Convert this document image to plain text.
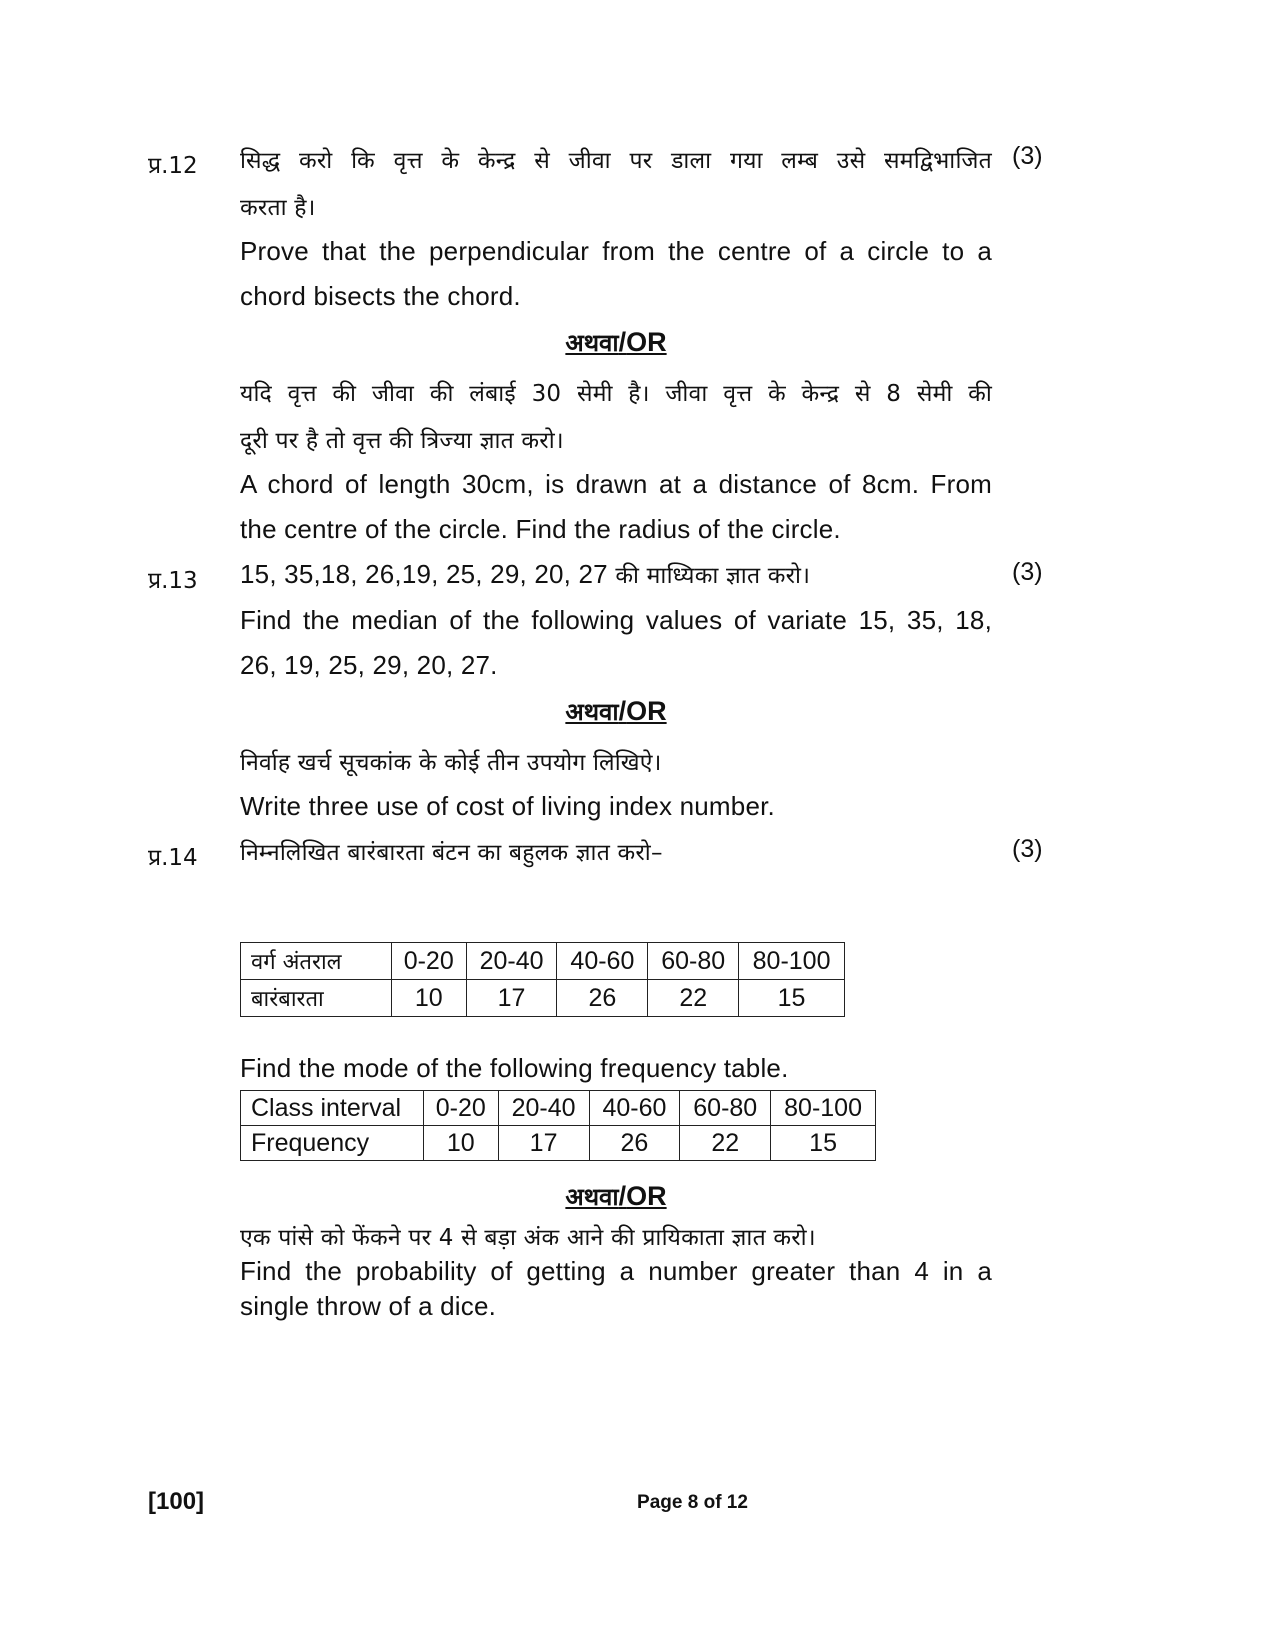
प्र.12 सिद्ध करो कि वृत्त के केन्द्र से जीवा पर डाला गया लम्ब उसे समद्विभाजित (3)
करता है।
Prove that the perpendicular from the centre of a circle to a
chord bisects the chord.
अथवा/OR
यदि वृत्त की जीवा की लंबाई 30 सेमी है। जीवा वृत्त के केन्द्र से 8 सेमी की
दूरी पर है तो वृत्त की त्रिज्या ज्ञात करो।
A chord of length 30cm, is drawn at a distance of 8cm. From
the centre of the circle. Find the radius of the circle.
प्र.13 15, 35,18, 26,19, 25, 29, 20, 27 की माध्यिका ज्ञात करो।	(3)
Find the median of the following values of variate 15, 35, 18,
26, 19, 25, 29, 20, 27.
अथवा/OR
निर्वाह खर्च सूचकांक के कोई तीन उपयोग लिखिऐ।
Write three use of cost of living index number.
प्र.14 निम्नलिखित बारंबारता बंटन का बहुलक ज्ञात करो–	(3)
वर्ग अंतराल	0-20	20-40	40-60	60-80	80-100
बारंबारता	10	17	26	22	15
Find the mode of the following frequency table.
Class interval	0-20	20-40	40-60	60-80	80-100
Frequency	10	17	26	22	15
अथवा/OR
एक पांसे को फेंकने पर 4 से बड़ा अंक आने की प्रायिकाता ज्ञात करो।
Find the probability of getting a number greater than 4 in a
single throw of a dice.
[100]	Page 8 of 12
